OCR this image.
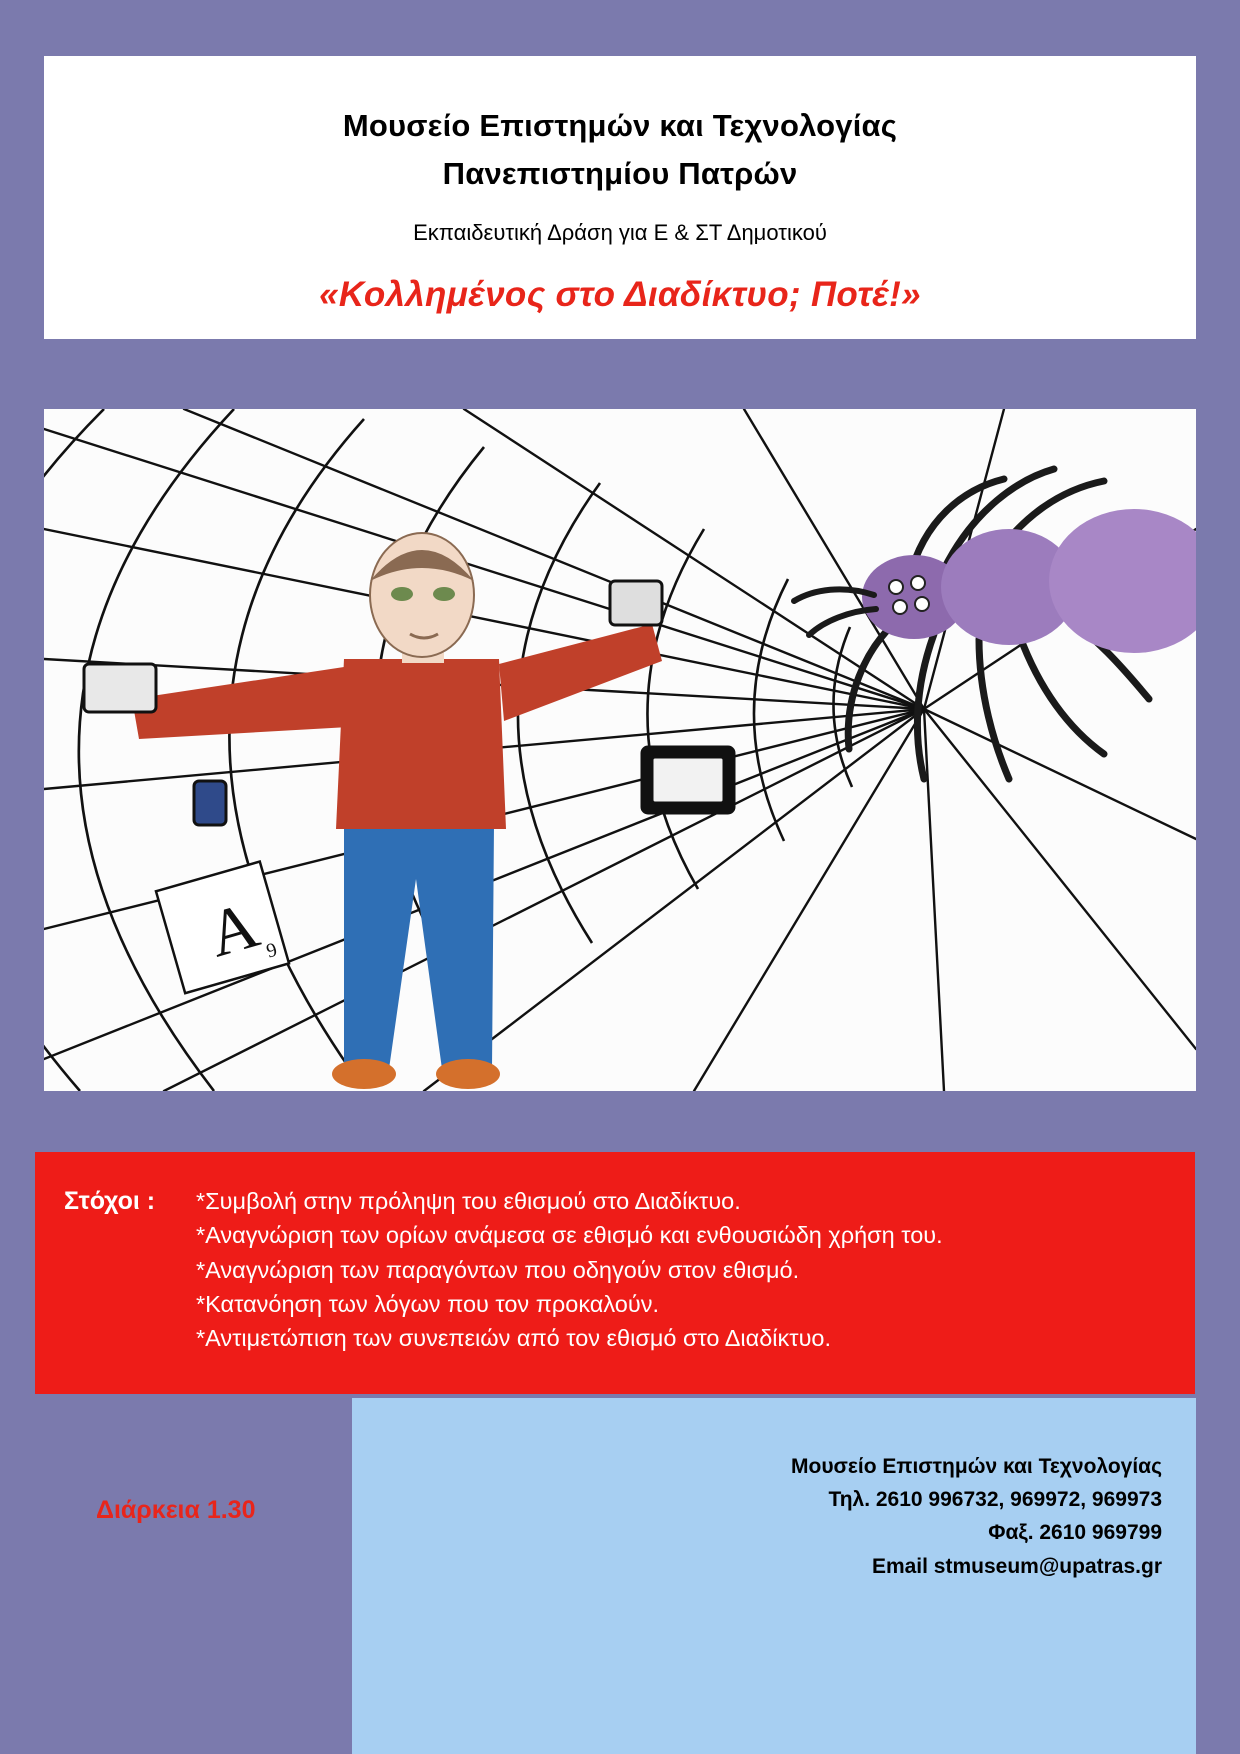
Μουσείο Επιστημών και Τεχνολογίας
Πανεπιστημίου Πατρών
Εκπαιδευτική Δράση για Ε & ΣΤ Δημοτικού
«Κολλημένος στο Διαδίκτυο; Ποτέ!»
A
9
Στόχοι : *Συμβολή στην πρόληψη του εθισμού στο Διαδίκτυο.
*Αναγνώριση των ορίων ανάμεσα σε εθισμό και ενθουσιώδη χρήση του.
*Αναγνώριση των παραγόντων που οδηγούν στον εθισμό.
*Κατανόηση των λόγων που τον προκαλούν.
*Αντιμετώπιση των συνεπειών από τον εθισμό στο Διαδίκτυο.
Μουσείο Επιστημών και Τεχνολογίας
Τηλ. 2610 996732, 969972, 969973
Φαξ. 2610 969799
Email stmuseum@upatras.gr
Διάρκεια 1.30
